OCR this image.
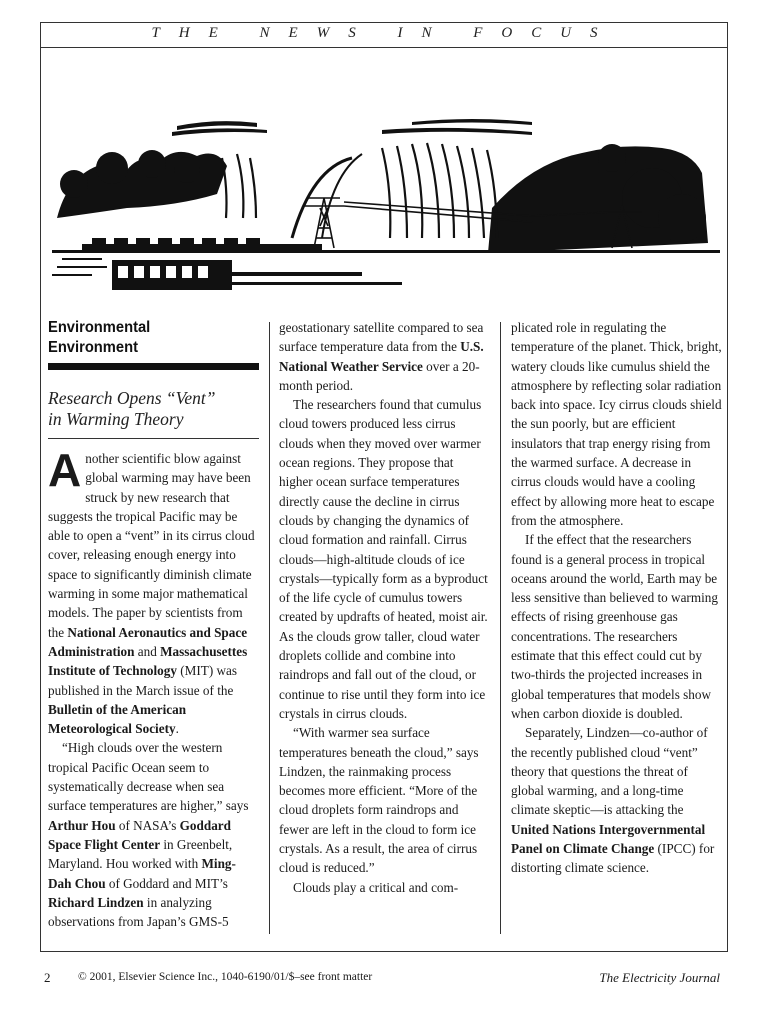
THE NEWS IN FOCUS
Environmental Environment
Research Opens “Vent”
in Warming Theory

Another scientific blow against global warming may have been struck by new research that suggests the tropical Pacific may be able to open a “vent” in its cirrus cloud cover, releasing enough energy into space to significantly diminish climate warming in some major mathematical models. The paper by scientists from the National Aeronautics and Space Administration and Massachusettes Institute of Technology (MIT) was published in the March issue of the Bulletin of the American Meteorological Society.

“High clouds over the western tropical Pacific Ocean seem to systematically decrease when sea surface temperatures are higher,” says Arthur Hou of NASA’s Goddard Space Flight Center in Greenbelt, Maryland. Hou worked with Ming-Dah Chou of Goddard and MIT’s Richard Lindzen in analyzing observations from Japan’s GMS-5

geostationary satellite compared to sea surface temperature data from the U.S. National Weather Service over a 20-month period.

The researchers found that cumulus cloud towers produced less cirrus clouds when they moved over warmer ocean regions. They propose that higher ocean surface temperatures directly cause the decline in cirrus clouds by changing the dynamics of cloud formation and rainfall. Cirrus clouds—high-altitude clouds of ice crystals—typically form as a byproduct of the life cycle of cumulus towers created by updrafts of heated, moist air. As the clouds grow taller, cloud water droplets collide and combine into raindrops and fall out of the cloud, or continue to rise until they form into ice crystals in cirrus clouds.

“With warmer sea surface temperatures beneath the cloud,” says Lindzen, the rainmaking process becomes more efficient. “More of the cloud droplets form raindrops and fewer are left in the cloud to form ice crystals. As a result, the area of cirrus cloud is reduced.”

Clouds play a critical and com-

plicated role in regulating the temperature of the planet. Thick, bright, watery clouds like cumulus shield the atmosphere by reflecting solar radiation back into space. Icy cirrus clouds shield the sun poorly, but are efficient insulators that trap energy rising from the warmed surface. A decrease in cirrus clouds would have a cooling effect by allowing more heat to escape from the atmosphere.

If the effect that the researchers found is a general process in tropical oceans around the world, Earth may be less sensitive than believed to warming effects of rising greenhouse gas concentrations. The researchers estimate that this effect could cut by two-thirds the projected increases in global temperatures that models show when carbon dioxide is doubled.

Separately, Lindzen—co-author of the recently published cloud “vent” theory that questions the threat of global warming, and a long-time climate skeptic—is attacking the United Nations Intergovernmental Panel on Climate Change (IPCC) for distorting climate science.

2 © 2001, Elsevier Science Inc., 1040-6190/01/$–see front matter	The Electricity Journal
